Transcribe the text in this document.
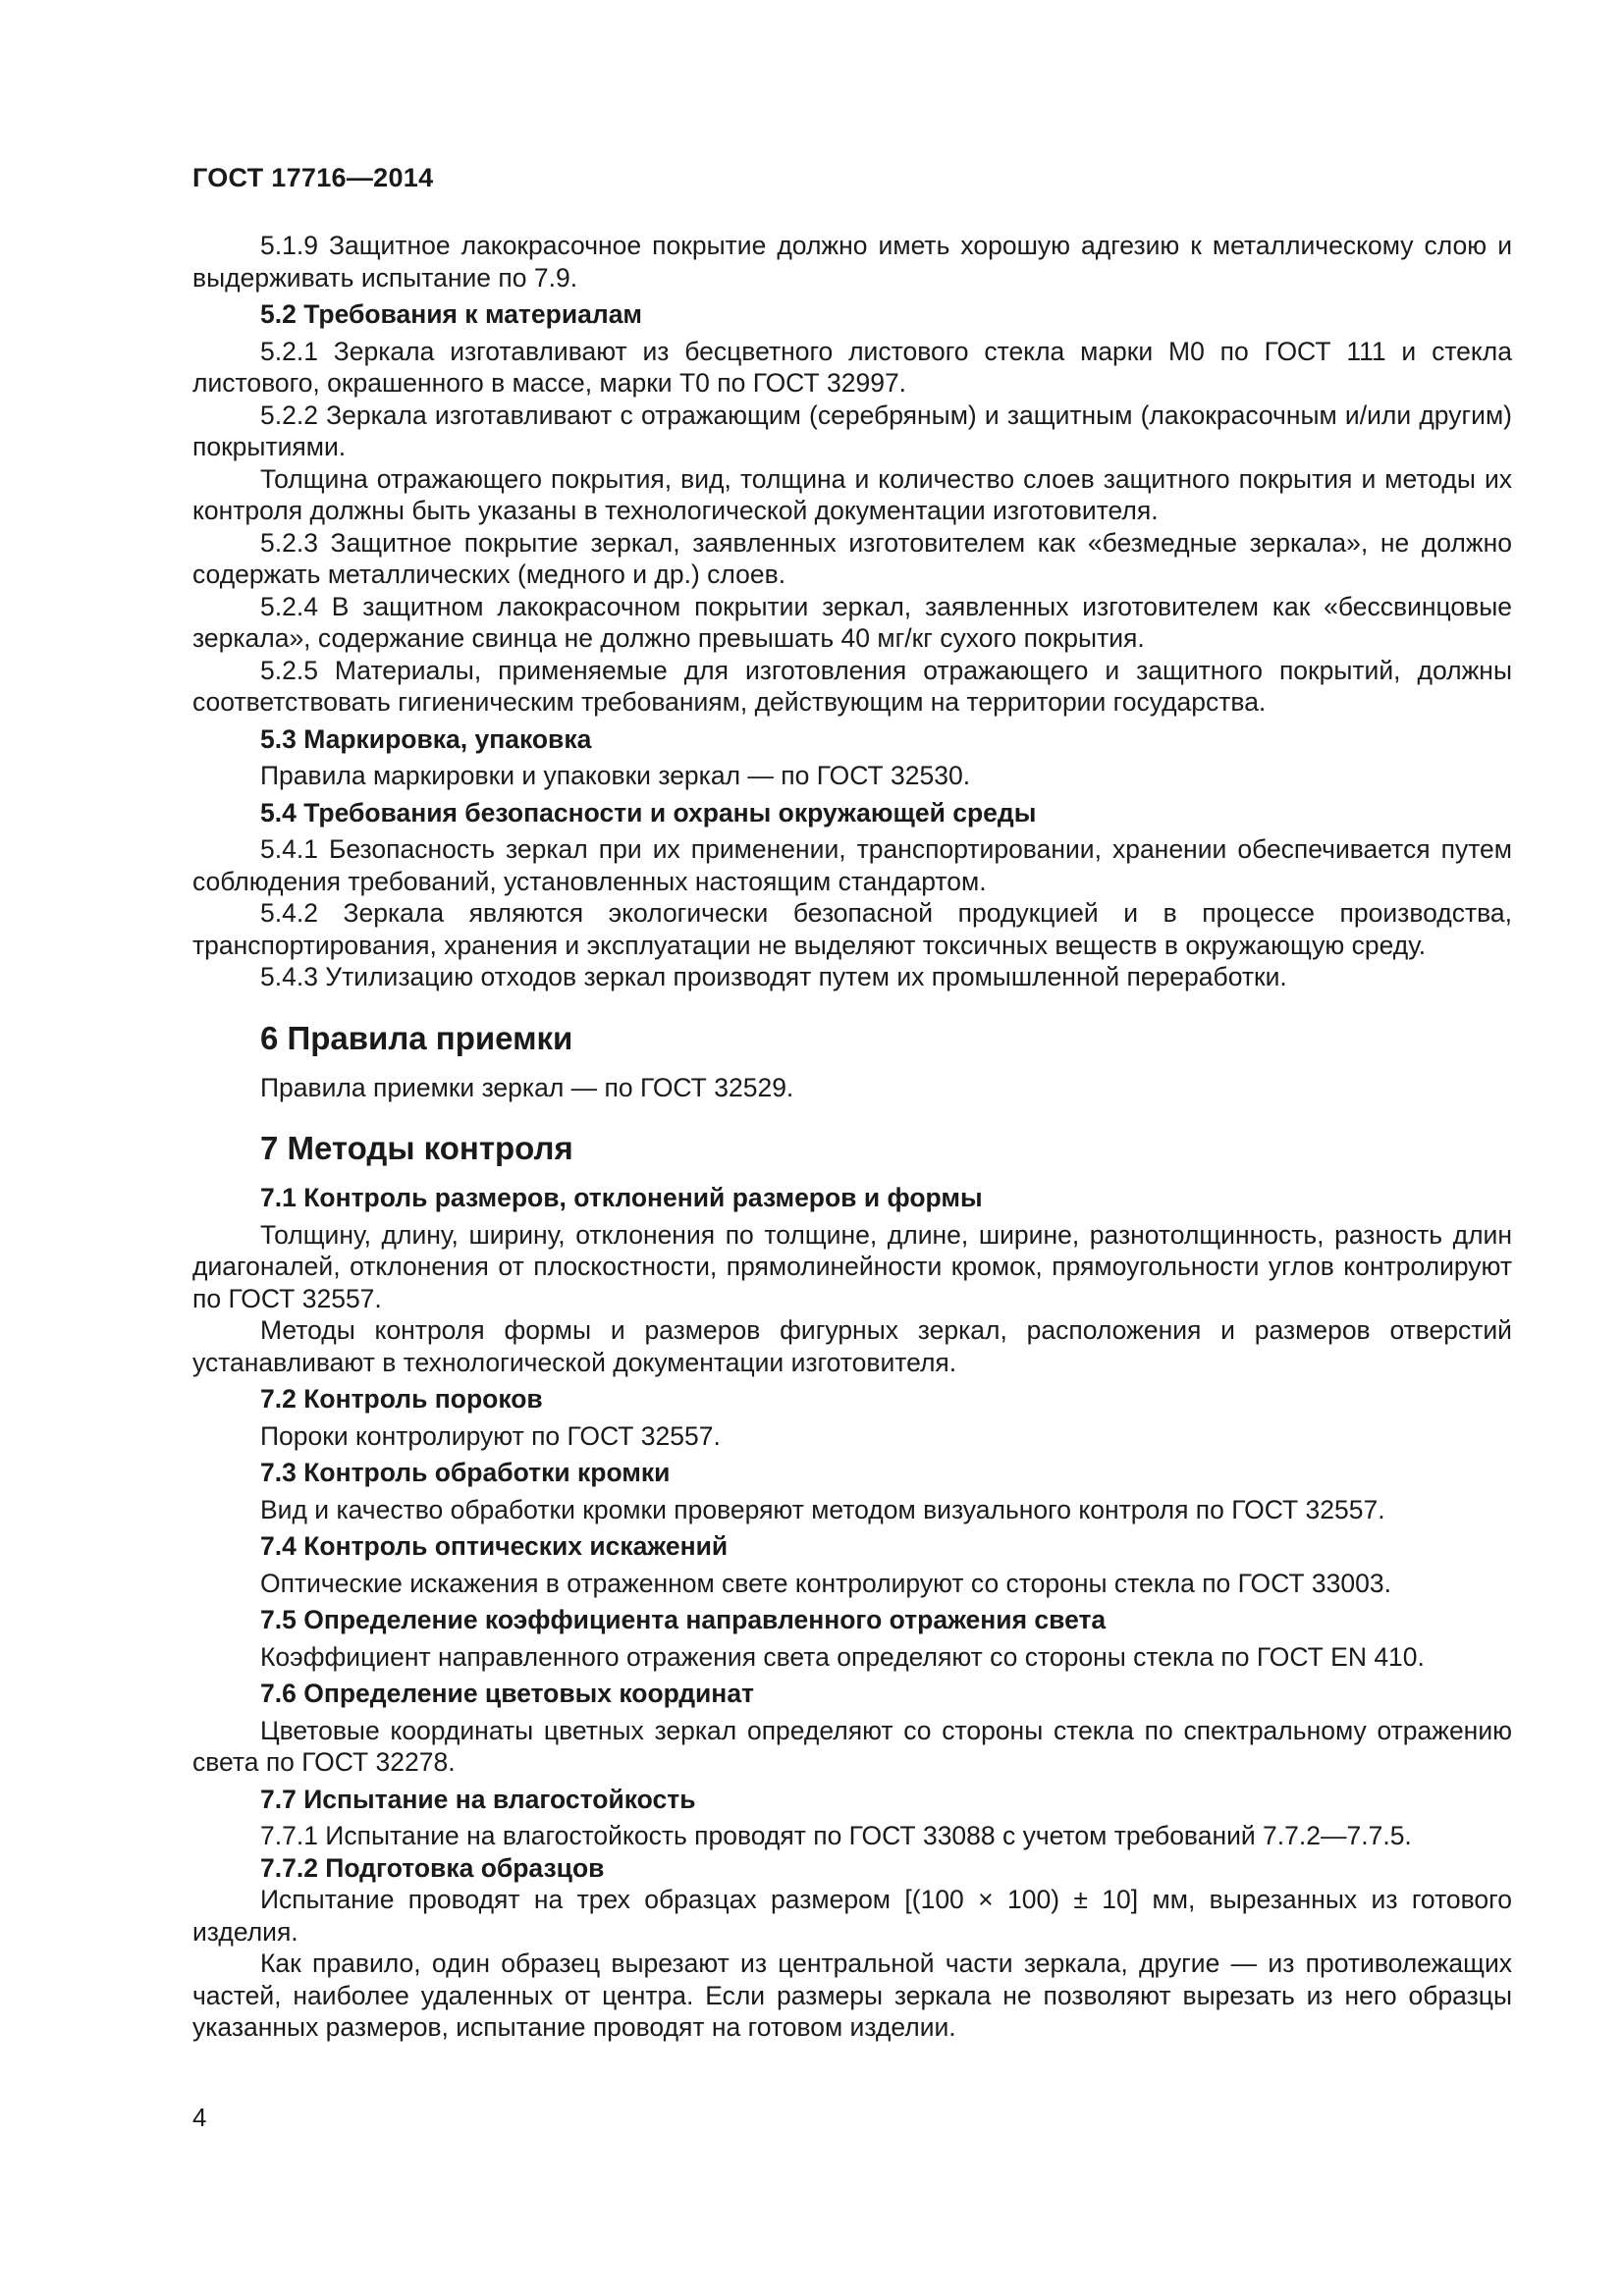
ГОСТ 17716—2014

5.1.9 Защитное лакокрасочное покрытие должно иметь хорошую адгезию к металлическому слою и выдерживать испытание по 7.9.

5.2 Требования к материалам

5.2.1 Зеркала изготавливают из бесцветного листового стекла марки М0 по ГОСТ 111 и стекла листового, окрашенного в массе, марки Т0 по ГОСТ 32997.

5.2.2 Зеркала изготавливают с отражающим (серебряным) и защитным (лакокрасочным и/или другим) покрытиями.

Толщина отражающего покрытия, вид, толщина и количество слоев защитного покрытия и методы их контроля должны быть указаны в технологической документации изготовителя.

5.2.3 Защитное покрытие зеркал, заявленных изготовителем как «безмедные зеркала», не должно содержать металлических (медного и др.) слоев.

5.2.4 В защитном лакокрасочном покрытии зеркал, заявленных изготовителем как «бессвинцовые зеркала», содержание свинца не должно превышать 40 мг/кг сухого покрытия.

5.2.5 Материалы, применяемые для изготовления отражающего и защитного покрытий, должны соответствовать гигиеническим требованиям, действующим на территории государства.

5.3 Маркировка, упаковка

Правила маркировки и упаковки зеркал — по ГОСТ 32530.

5.4 Требования безопасности и охраны окружающей среды

5.4.1 Безопасность зеркал при их применении, транспортировании, хранении обеспечивается путем соблюдения требований, установленных настоящим стандартом.

5.4.2 Зеркала являются экологически безопасной продукцией и в процессе производства, транспортирования, хранения и эксплуатации не выделяют токсичных веществ в окружающую среду.

5.4.3 Утилизацию отходов зеркал производят путем их промышленной переработки.

6 Правила приемки

Правила приемки зеркал — по ГОСТ 32529.

7 Методы контроля
7.1 Контроль размеров, отклонений размеров и формы

Толщину, длину, ширину, отклонения по толщине, длине, ширине, разнотолщинность, разность длин диагоналей, отклонения от плоскостности, прямолинейности кромок, прямоугольности углов контролируют по ГОСТ 32557.

Методы контроля формы и размеров фигурных зеркал, расположения и размеров отверстий устанавливают в технологической документации изготовителя.

7.2 Контроль пороков

Пороки контролируют по ГОСТ 32557.

7.3 Контроль обработки кромки

Вид и качество обработки кромки проверяют методом визуального контроля по ГОСТ 32557.

7.4 Контроль оптических искажений

Оптические искажения в отраженном свете контролируют со стороны стекла по ГОСТ 33003.

7.5 Определение коэффициента направленного отражения света

Коэффициент направленного отражения света определяют со стороны стекла по ГОСТ EN 410.

7.6 Определение цветовых координат

Цветовые координаты цветных зеркал определяют со стороны стекла по спектральному отражению света по ГОСТ 32278.

7.7 Испытание на влагостойкость

7.7.1 Испытание на влагостойкость проводят по ГОСТ 33088 с учетом требований 7.7.2—7.7.5.

7.7.2 Подготовка образцов

Испытание проводят на трех образцах размером [(100 × 100) ± 10] мм, вырезанных из готового изделия.

Как правило, один образец вырезают из центральной части зеркала, другие — из противолежащих частей, наиболее удаленных от центра. Если размеры зеркала не позволяют вырезать из него образцы указанных размеров, испытание проводят на готовом изделии.

4
